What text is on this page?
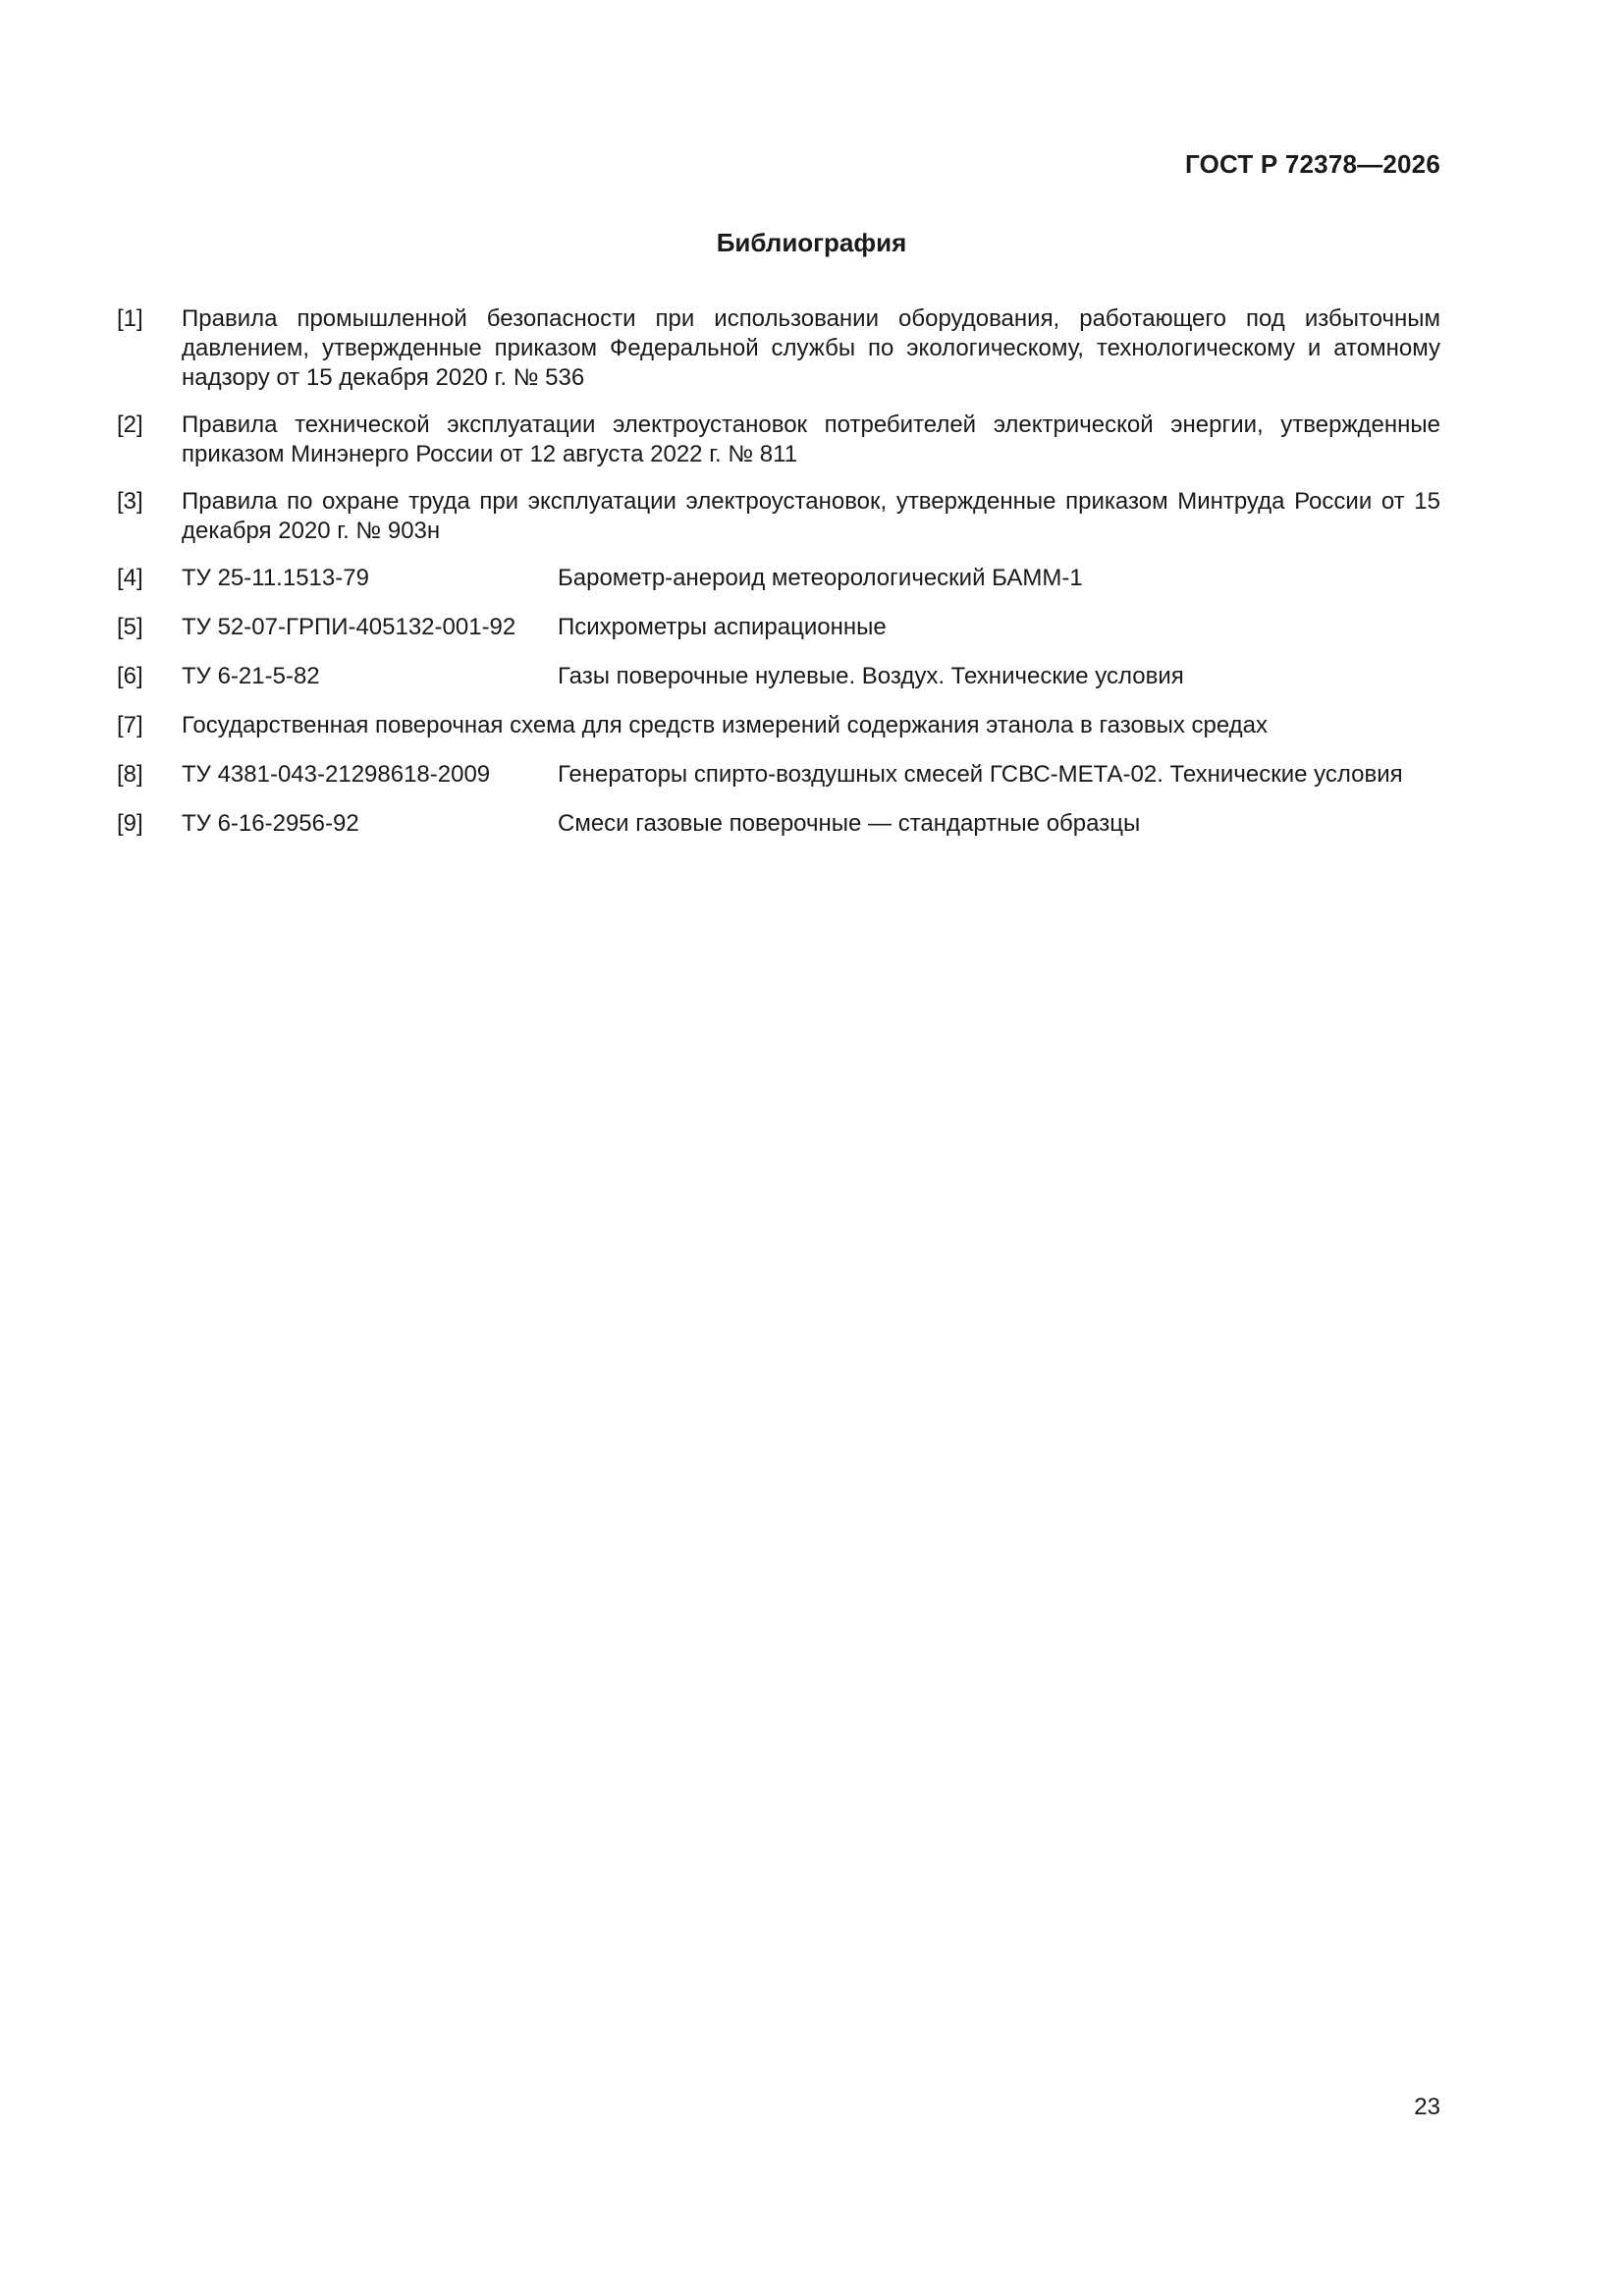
ГОСТ Р 72378—2026
Библиография
[1] Правила промышленной безопасности при использовании оборудования, работающего под избыточным давлением, утвержденные приказом Федеральной службы по экологическому, технологическому и атомному надзору от 15 декабря 2020 г. № 536
[2] Правила технической эксплуатации электроустановок потребителей электрической энергии, утвержденные приказом Минэнерго России от 12 августа 2022 г. № 811
[3] Правила по охране труда при эксплуатации электроустановок, утвержденные приказом Минтруда России от 15 декабря 2020 г. № 903н
[4] ТУ 25-11.1513-79	Барометр-анероид метеорологический БАММ-1
[5] ТУ 52-07-ГРПИ-405132-001-92 Психрометры аспирационные
[6] ТУ 6-21-5-82	Газы поверочные нулевые. Воздух. Технические условия
[7] Государственная поверочная схема для средств измерений содержания этанола в газовых средах
[8] ТУ 4381-043-21298618-2009	Генераторы спирто-воздушных смесей ГСВС-МЕТА-02. Технические условия
[9] ТУ 6-16-2956-92	Смеси газовые поверочные — стандартные образцы
23
